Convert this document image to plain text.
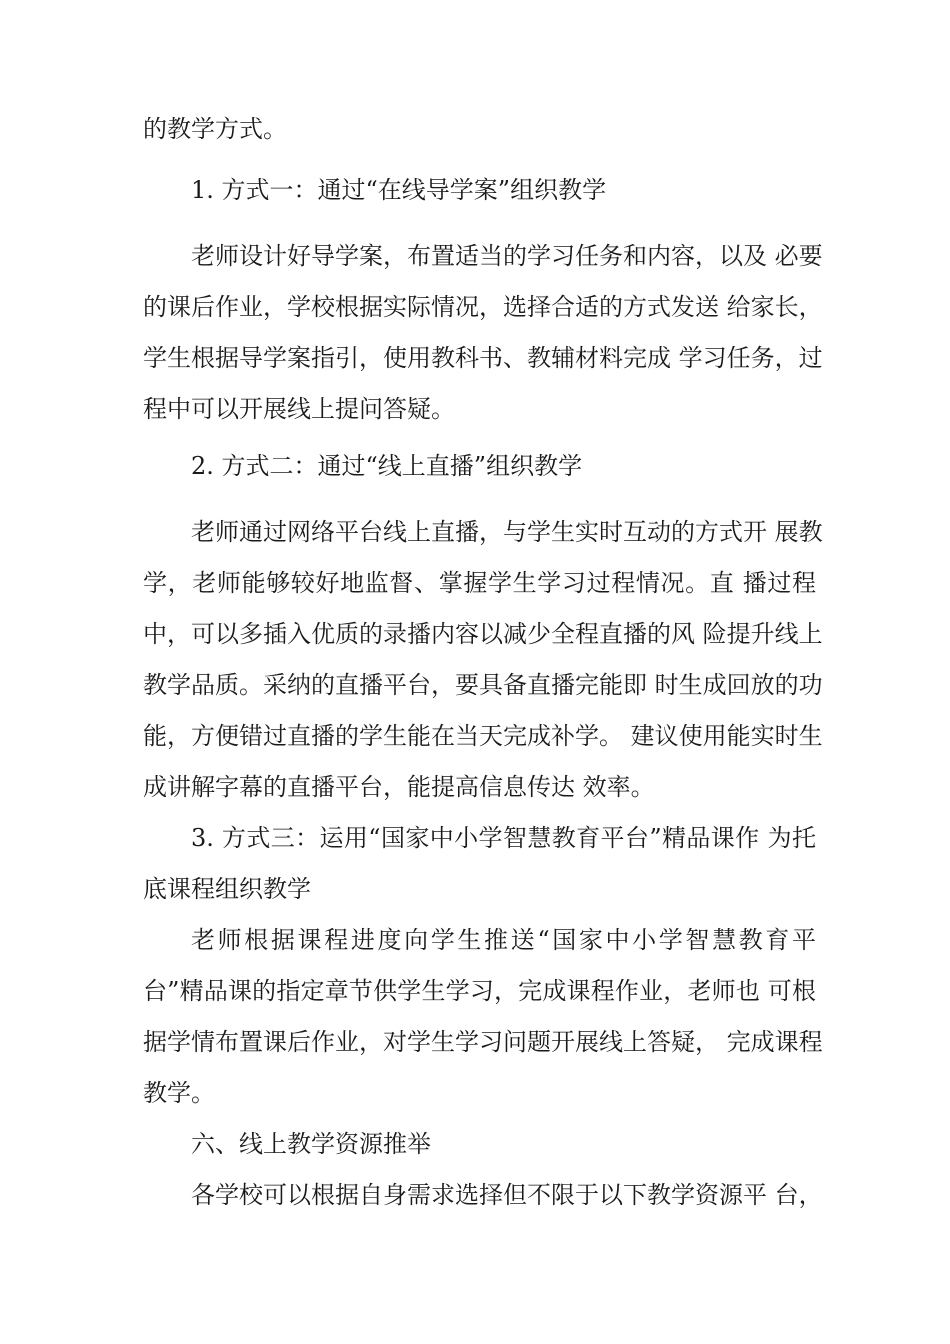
的教学方式。
1. 方式一：通过“在线导学案”组织教学
老师设计好导学案，布置适当的学习任务和内容，以及 必要
的课后作业，学校根据实际情况，选择合适的方式发送 给家长，
学生根据导学案指引，使用教科书、教辅材料完成 学习任务，过
程中可以开展线上提问答疑。
2. 方式二：通过“线上直播”组织教学
老师通过网络平台线上直播，与学生实时互动的方式开 展教
学，老师能够较好地监督、掌握学生学习过程情况。直 播过程
中，可以多插入优质的录播内容以减少全程直播的风 险提升线上
教学品质。采纳的直播平台，要具备直播完能即 时生成回放的功
能，方便错过直播的学生能在当天完成补学。 建议使用能实时生
成讲解字幕的直播平台，能提高信息传达 效率。
3. 方式三：运用“国家中小学智慧教育平台”精品课作 为托
底课程组织教学
老师根据课程进度向学生推送“国家中小学智慧教育平
台”精品课的指定章节供学生学习，完成课程作业，老师也 可根
据学情布置课后作业，对学生学习问题开展线上答疑， 完成课程
教学。
六、线上教学资源推举
各学校可以根据自身需求选择但不限于以下教学资源平 台，
